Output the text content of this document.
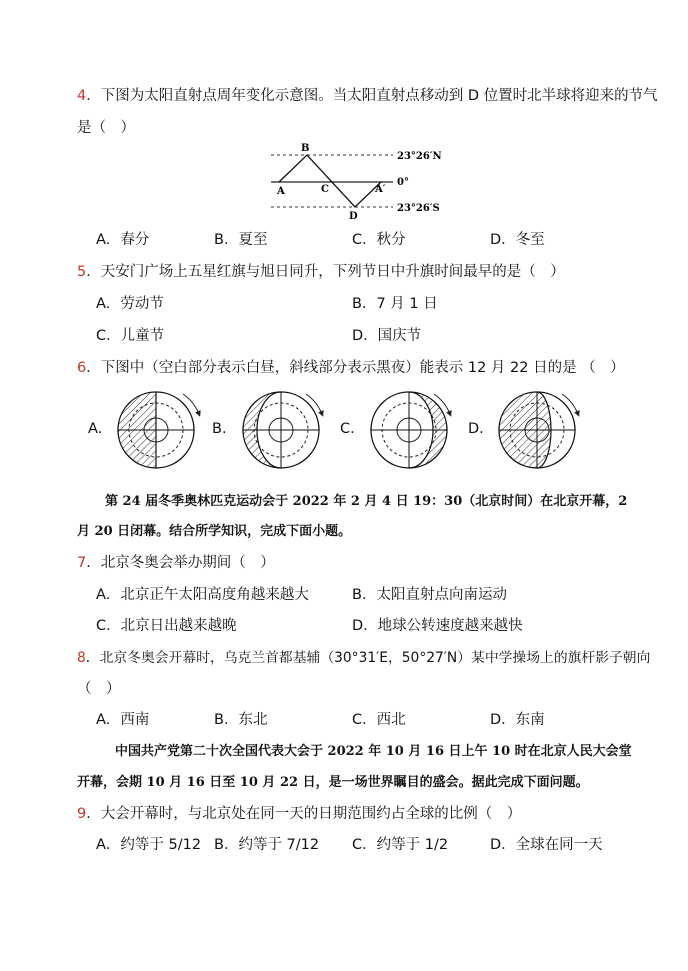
4．下图为太阳直射点周年变化示意图。当太阳直射点移动到 D 位置时北半球将迎来的节气
是（　）
B
A	C	A′
D
23°26′N
0°
23°26′S
A．春分	B．夏至	C．秋分	D．冬至
5．天安门广场上五星红旗与旭日同升，下列节日中升旗时间最早的是（　）
A．劳动节	B．7 月 1 日
C．儿童节	D．国庆节
6．下图中（空白部分表示白昼，斜线部分表示黑夜）能表示 12 月 22 日的是 （　）
A.	B.	C.	D.
第 24 届冬季奥林匹克运动会于 2022 年 2 月 4 日 19：30（北京时间）在北京开幕，2
月 20 日闭幕。结合所学知识，完成下面小题。
7．北京冬奥会举办期间（　）
A．北京正午太阳高度角越来越大	B．太阳直射点向南运动
C．北京日出越来越晚	D．地球公转速度越来越快
8．北京冬奥会开幕时，乌克兰首都基辅（30°31′E，50°27′N）某中学操场上的旗杆影子朝向
（　）
A．西南	B．东北	C．西北	D．东南
中国共产党第二十次全国代表大会于 2022 年 10 月 16 日上午 10 时在北京人民大会堂
开幕，会期 10 月 16 日至 10 月 22 日，是一场世界瞩目的盛会。据此完成下面问题。
9．大会开幕时，与北京处在同一天的日期范围约占全球的比例（　）
A．约等于 5/12 B．约等于 7/12 C．约等于 1/2	D．全球在同一天
